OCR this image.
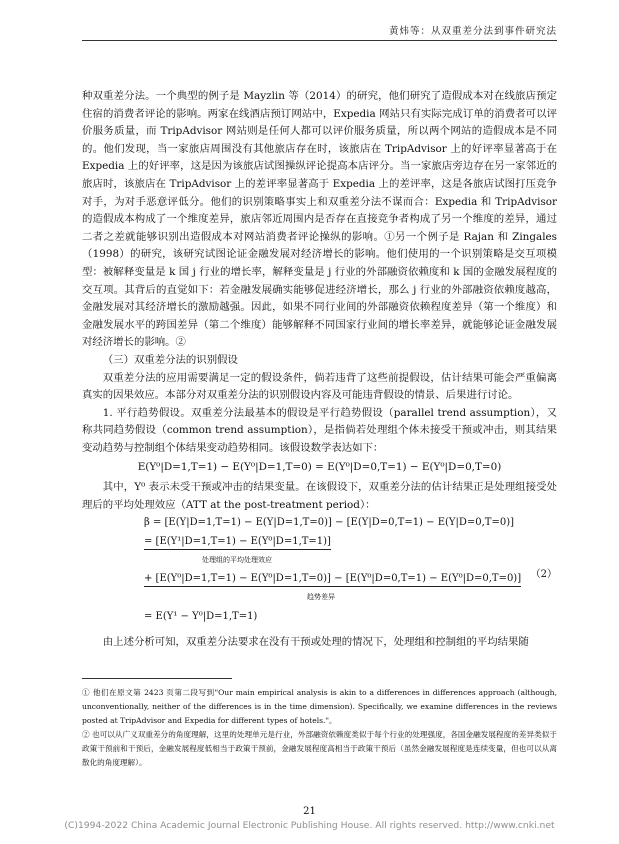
黄炜等：从双重差分法到事件研究法

种双重差分法。一个典型的例子是 Mayzlin 等（2014）的研究，他们研究了造假成本对在线旅店预定住宿的消费者评论的影响。两家在线酒店预订网站中，Expedia 网站只有实际完成订单的消费者可以评价服务质量，而 TripAdvisor 网站则是任何人都可以评价服务质量，所以两个网站的造假成本是不同的。他们发现，当一家旅店周围没有其他旅店存在时，该旅店在 TripAdvisor 上的好评率显著高于在 Expedia 上的好评率，这是因为该旅店试图操纵评论提高本店评分。当一家旅店旁边存在另一家邻近的旅店时，该旅店在 TripAdvisor 上的差评率显著高于 Expedia 上的差评率，这是各旅店试图打压竞争对手，为对手恶意评低分。他们的识别策略事实上和双重差分法不谋而合：Expedia 和 TripAdvisor 的造假成本构成了一个维度差异，旅店邻近周围内是否存在直接竞争者构成了另一个维度的差异，通过二者之差就能够识别出造假成本对网站消费者评论操纵的影响。①另一个例子是 Rajan 和 Zingales（1998）的研究，该研究试图论证金融发展对经济增长的影响。他们使用的一个识别策略是交互项模型：被解释变量是 k 国 j 行业的增长率，解释变量是 j 行业的外部融资依赖度和 k 国的金融发展程度的交互项。其背后的直觉如下：若金融发展确实能够促进经济增长，那么 j 行业的外部融资依赖度越高，金融发展对其经济增长的激励越强。因此，如果不同行业间的外部融资依赖程度差异（第一个维度）和金融发展水平的跨国差异（第二个维度）能够解释不同国家行业间的增长率差异，就能够论证金融发展对经济增长的影响。②

（三）双重差分法的识别假设

双重差分法的应用需要满足一定的假设条件，倘若违背了这些前提假设，估计结果可能会严重偏离真实的因果效应。本部分对双重差分法的识别假设内容及可能违背假设的情景、后果进行讨论。

1. 平行趋势假设。双重差分法最基本的假设是平行趋势假设（parallel trend assumption），又称共同趋势假设（common trend assumption），是指倘若处理组个体未接受干预或冲击，则其结果变动趋势与控制组个体结果变动趋势相同。该假设数学表达如下：

E(Y⁰|D=1,T=1) − E(Y⁰|D=1,T=0) = E(Y⁰|D=0,T=1) − E(Y⁰|D=0,T=0)

其中，Y⁰ 表示未受干预或冲击的结果变量。在该假设下，双重差分法的估计结果正是处理组接受处理后的平均处理效应（ATT at the post-treatment period）：

β = [E(Y|D=1,T=1) − E(Y|D=1,T=0)] − [E(Y|D=0,T=1) − E(Y|D=0,T=0)]
= [E(Y¹|D=1,T=1) − E(Y⁰|D=1,T=1)]
处理组的平均处理效应
+ [E(Y⁰|D=1,T=1) − E(Y⁰|D=1,T=0)] − [E(Y⁰|D=0,T=1) − E(Y⁰|D=0,T=0)]
趋势差异
= E(Y¹ − Y⁰|D=1,T=1)
（2）

由上述分析可知，双重差分法要求在没有干预或处理的情况下，处理组和控制组的平均结果随

① 他们在原文第 2423 页第二段写到"Our main empirical analysis is akin to a differences in differences approach (although, unconventionally, neither of the differences is in the time dimension). Specifically, we examine differences in the reviews posted at TripAdvisor and Expedia for different types of hotels."。

② 也可以从广义双重差分的角度理解，这里的处理单元是行业，外部融资依赖度类似于每个行业的处理强度，各国金融发展程度的差异类似于政策干预前和干预后，金融发展程度低相当于政策干预前，金融发展程度高相当于政策干预后（虽然金融发展程度是连续变量，但也可以从离散化的角度理解）。

21
(C)1994-2022 China Academic Journal Electronic Publishing House. All rights reserved. http://www.cnki.net
